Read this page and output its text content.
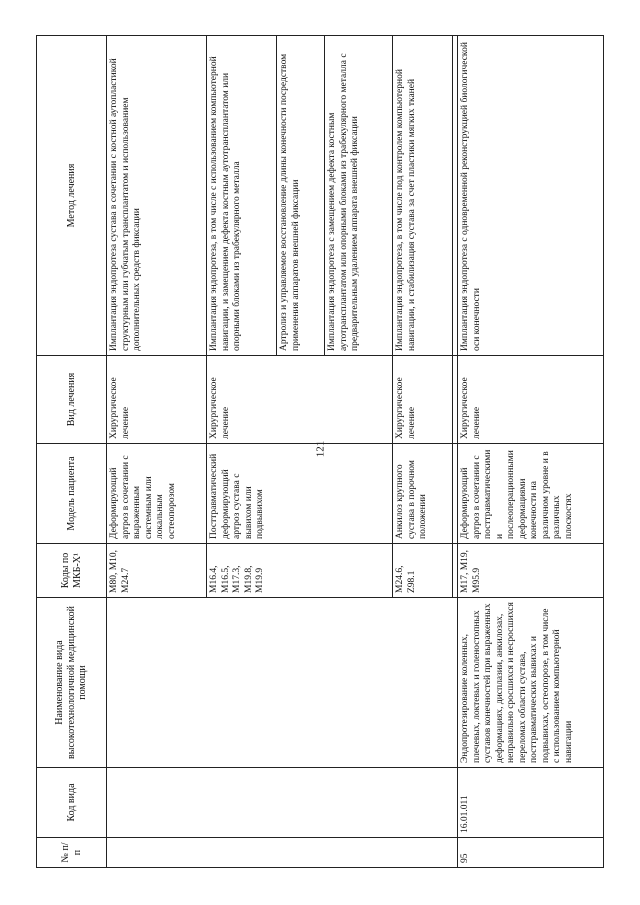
121
№ п/п	Код вида	Наименование вида высокотехнологичной медицинской помощи	Коды по МКБ-X¹	Модель пациента	Вид лечения	Метод лечения
			M80, M10, M24.7	Деформирующий артроз в сочетании с выраженным системным или локальным остеопорозом	Хирургическое лечение	Имплантация эндопротеза сустава в сочетании с костной аутопластикой структурным или губчатым трансплантатом и использованием дополнительных средств фиксации
			M16.4, M16.5, M17.3, M19.8, M19.9	Посттравматический деформирующий артроз сустава с вывихом или подвывихом	Хирургическое лечение	Имплантация эндопротеза, в том числе с использованием компьютерной навигации, и замещением дефекта костным аутотрансплантатом или опорными блоками из трабекулярного металла
						Артролиз и управляемое восстановление длины конечности посредством применения аппаратов внешней фиксации
						Имплантация эндопротеза с замещением дефекта костным аутотрансплантатом или опорными блоками из трабекулярного металла с предварительным удалением аппарата внешней фиксации
			M24.6, Z98.1	Анкилоз крупного сустава в порочном положении	Хирургическое лечение	Имплантация эндопротеза, в том числе под контролем компьютерной навигации, и стабилизация сустава за счет пластики мягких тканей

95	16.01.011	Эндопротезирование коленных, плечевых, локтевых и голеностопных суставов конечностей при выраженных деформациях, дисплазии, анкилозах, неправильно сросшихся и несросшихся переломах области сустава, посттравматических вывихах и подвывихах, остеопорозе, в том числе с использованием компьютерной навигации	M17, M19, M95.9	Деформирующий артроз в сочетании с посттравматическими и послеоперационными деформациями конечности на различном уровне и в различных плоскостях	Хирургическое лечение	Имплантация эндопротеза с одновременной реконструкцией биологической оси конечности
